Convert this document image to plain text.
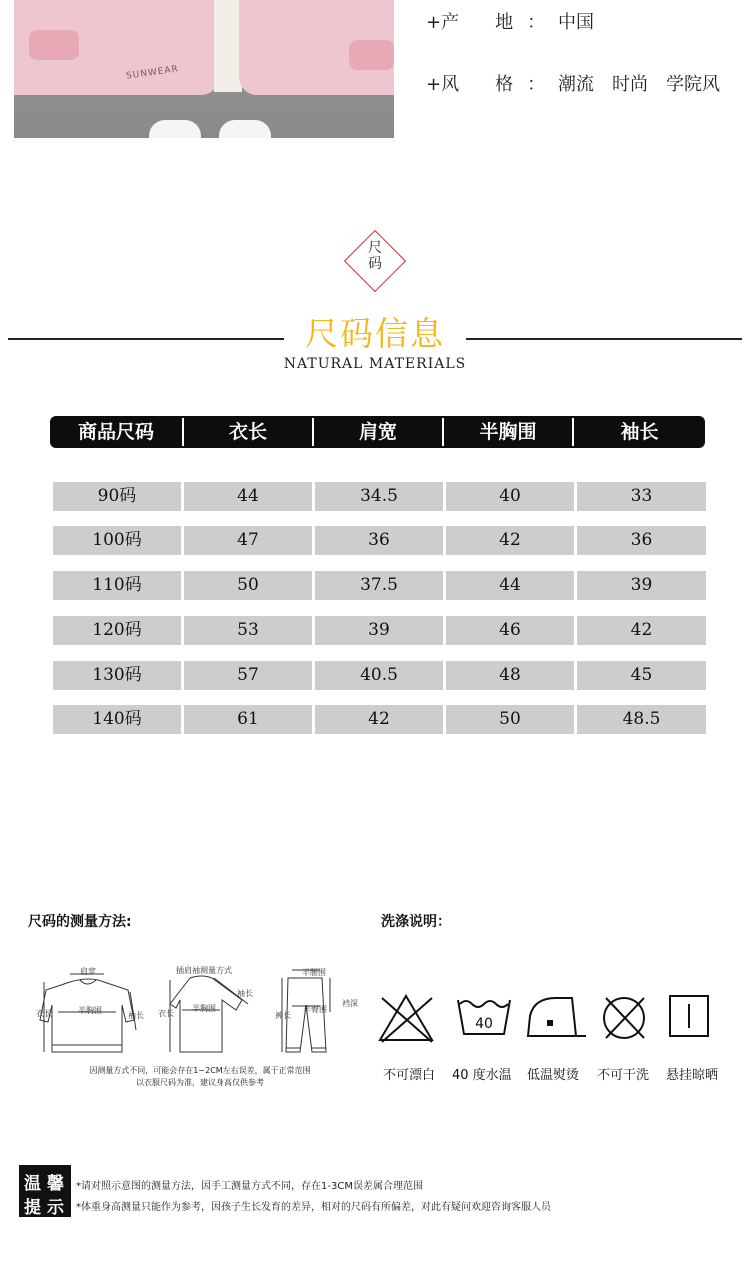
SUNWEAR
+产　　地 ： 中国
+风　　格 ： 潮流　时尚　学院风
尺
码
尺码信息
NATURAL MATERIALS
商品尺码	衣长	肩宽	半胸围	袖长
90码	44	34.5	40	33
100码	47	36	42	36
110码	50	37.5	44	39
120码	53	39	46	42
130码	57	40.5	48	45
140码	61	42	50	48.5
尺码的测量方法:
肩宽	插肩袖测量方式	半腰围
衣长	半胸围
袖长 衣长
半胸围
袖长
裤长
半臀围
裆深
因测量方式不同，可能会存在1~2CM左右误差，属于正常范围
以衣服尺码为准，建议身高仅供参考
洗涤说明：
40
不可漂白 40 度水温 低温熨烫 不可干洗 悬挂晾晒
温 馨
提 示
*请对照示意图的测量方法，因手工测量方式不同，存在1-3CM误差属合理范围
*体重身高测量只能作为参考，因孩子生长发育的差异，相对的尺码有所偏差，对此有疑问欢迎咨询客服人员
